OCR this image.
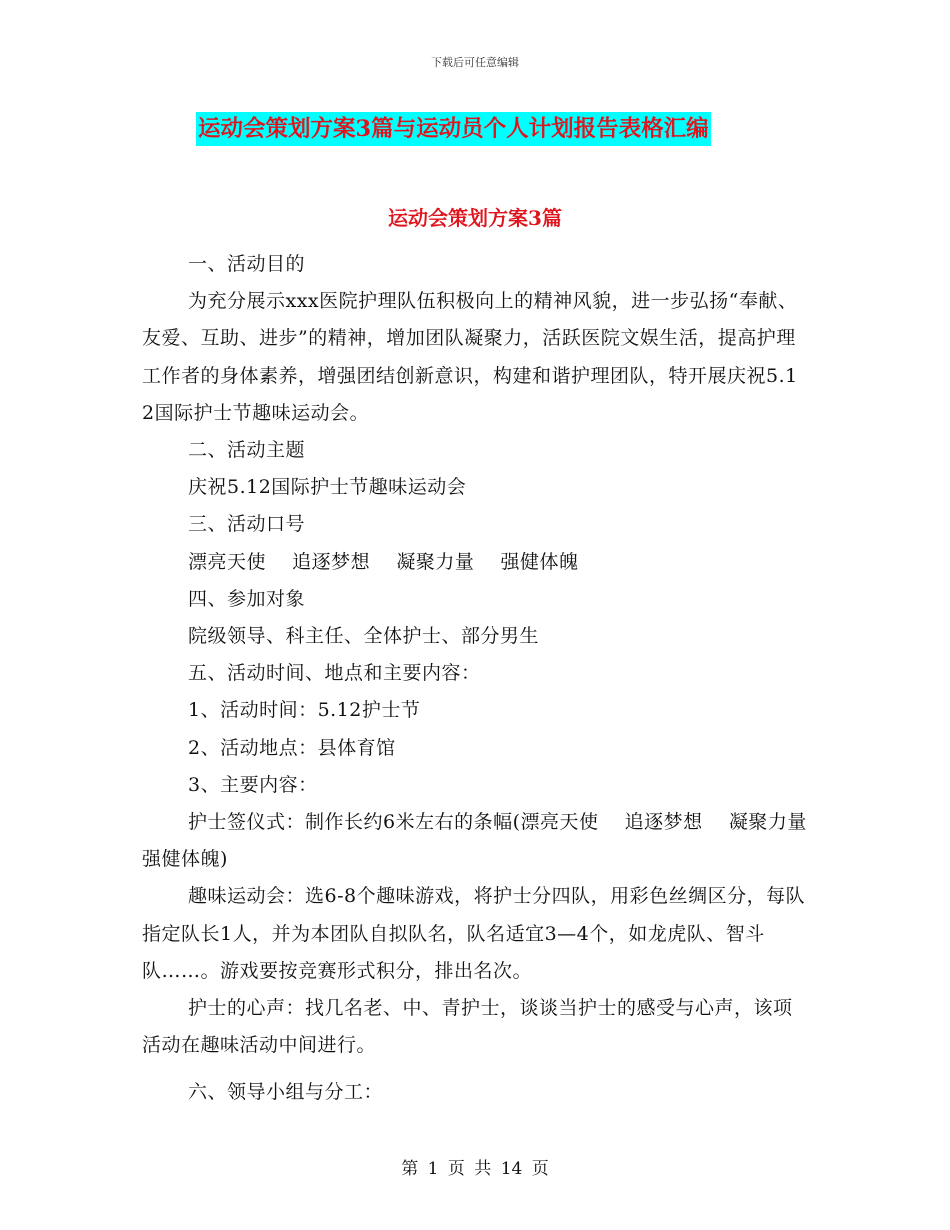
下载后可任意编辑
运动会策划方案3篇与运动员个人计划报告表格汇编
运动会策划方案3篇

一、活动目的

为充分展示xxx医院护理队伍积极向上的精神风貌，进一步弘扬“奉献、友爱、互助、进步”的精神，增加团队凝聚力，活跃医院文娱生活，提高护理工作者的身体素养，增强团结创新意识，构建和谐护理团队，特开展庆祝5.12国际护士节趣味运动会。

二、活动主题

庆祝5.12国际护士节趣味运动会

三、活动口号

漂亮天使    追逐梦想    凝聚力量    强健体魄

四、参加对象

院级领导、科主任、全体护士、部分男生

五、活动时间、地点和主要内容：

1、活动时间：5.12护士节

2、活动地点：县体育馆

3、主要内容：

护士签仪式：制作长约6米左右的条幅(漂亮天使    追逐梦想    凝聚力量    强健体魄)

趣味运动会：选6-8个趣味游戏，将护士分四队，用彩色丝绸区分，每队指定队长1人，并为本团队自拟队名，队名适宜3—4个，如龙虎队、智斗队……。游戏要按竞赛形式积分，排出名次。

护士的心声：找几名老、中、青护士，谈谈当护士的感受与心声，该项活动在趣味活动中间进行。

六、领导小组与分工：

第 1 页 共 14 页
